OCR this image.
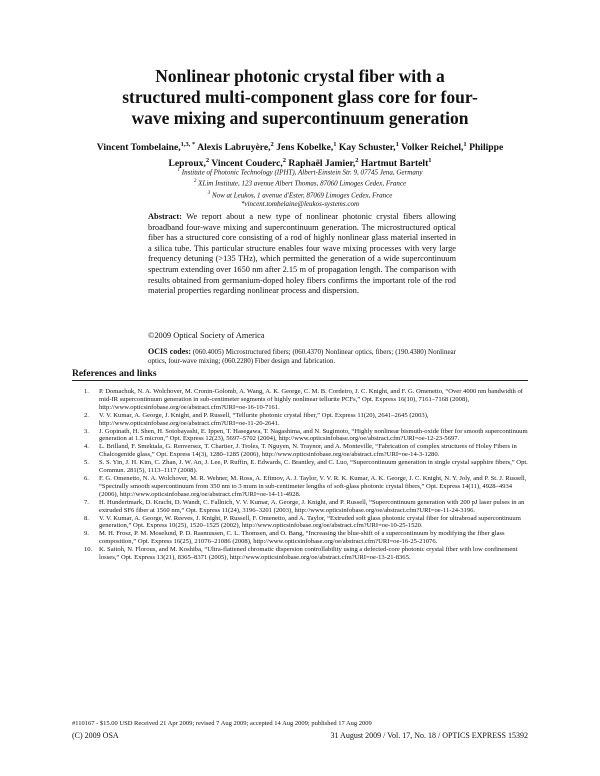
Nonlinear photonic crystal fiber with a
structured multi-component glass core for four-
wave mixing and supercontinuum generation
Vincent Tombelaine,$^{1,3, *}$ Alexis Labruyère,$^2$ Jens Kobelke,$^1$ Kay Schuster,$^1$ Volker Reichel,$^1$ Philippe Leproux,$^2$ Vincent Couderc,$^2$ Raphaël Jamier,$^2$ Hartmut Bartelt$^1$
$^1$ Institute of Photonic Technology (IPHT), Albert-Einstein Str. 9, 07745 Jena, Germany
$^2$ XLim Institute, 123 avenue Albert Thomas, 87060 Limoges Cedex, France
$^3$ Now at Leukos, 1 avenue d'Ester, 87069 Limoges Cedex, France
*vincent.tombelaine@leukos-systems.com
Abstract: We report about a new type of nonlinear photonic crystal fibers allowing broadband four-wave mixing and supercontinuum generation. The microstructured optical fiber has a structured core consisting of a rod of highly nonlinear glass material inserted in a silica tube. This particular structure enables four wave mixing processes with very large frequency detuning (>135 THz), which permitted the generation of a wide supercontinuum spectrum extending over 1650 nm after 2.15 m of propagation length. The comparison with results obtained from germanium-doped holey fibers confirms the important role of the rod material properties regarding nonlinear process and dispersion.
©2009 Optical Society of America
OCIS codes: (060.4005) Microstructured fibers; (060.4370) Nonlinear optics, fibers; (190.4380) Nonlinear optics, four-wave mixing; (060.2280) Fiber design and fabrication.
References and links
1. P. Domachuk, N. A. Wolchover, M. Cronin-Golomb, A. Wang, A. K. George, C. M. B. Cordeiro, J. C. Knight, and F. G. Omenetto, “Over 4000 nm bandwidth of mid-IR supercontinuum generation in sub-centimeter segments of highly nonlinear tellurite PCFs,” Opt. Express 16(10), 7161–7168 (2008), http://www.opticsinfobase.org/oe/abstract.cfm?URI=oe-16-10-7161.
2. V. V. Kumar, A. George, J. Knight, and P. Russell, “Tellurite photonic crystal fiber,” Opt. Express 11(20), 2641–2645 (2003), http://www.opticsinfobase.org/oe/abstract.cfm?URI=oe-11-20-2641.
3. J. Gopinath, H. Shen, H. Sotobayashi, E. Ippen, T. Hasegawa, T. Nagashima, and N. Sugimoto, “Highly nonlinear bismuth-oxide fiber for smooth supercontinuum generation at 1.5 micron,” Opt. Express 12(23), 5697–5702 (2004), http://www.opticsinfobase.org/oe/abstract.cfm?URI=oe-12-23-5697.
4. L. Brilland, F. Smektala, G. Renversez, T. Chartier, J. Troles, T. Nguyen, N. Traynor, and A. Monteville, “Fabrication of complex structures of Holey Fibers in Chalcogenide glass,” Opt. Express 14(3), 1280–1285 (2006), http://www.opticsinfobase.org/oe/abstract.cfm?URI=oe-14-3-1280.
5. S. S. Yin, J. H. Kim, C. Zhan, J. W. An, J. Lee, P. Ruffin, E. Edwards, C. Brantley, and C. Luo, “Supercontinuum generation in single crystal sapphire fibers,” Opt. Commun. 281(5), 1113–1117 (2008).
6. F. G. Omenetto, N. A. Wolchover, M. R. Wehner, M. Ross, A. Efimov, A. J. Taylor, V. V. R. K. Kumar, A. K. George, J. C. Knight, N. Y. Joly, and P. St. J. Russell, “Spectrally smooth supercontinuum from 350 nm to 3 mum in sub-centimeter lengths of soft-glass photonic crystal fibers,” Opt. Express 14(11), 4928–4934 (2006), http://www.opticsinfobase.org/oe/abstract.cfm?URI=oe-14-11-4928.
7. H. Hundertmark, D. Kracht, D. Wandt, C. Fallnich, V. V. Kumar, A. George, J. Knight, and P. Russell, “Supercontinuum generation with 200 pJ laser pulses in an extruded SF6 fiber at 1560 nm,” Opt. Express 11(24), 3196–3201 (2003), http://www.opticsinfobase.org/oe/abstract.cfm?URI=oe-11-24-3196.
8. V. V. Kumar, A. George, W. Reeves, J. Knight, P. Russell, F. Omenetto, and A. Taylor, “Extruded soft glass photonic crystal fiber for ultrabroad supercontinuum generation,” Opt. Express 10(25), 1520–1525 (2002), http://www.opticsinfobase.org/oe/abstract.cfm?URI=oe-10-25-1520.
9. M. H. Frosz, P. M. Moselund, P. D. Rasmussen, C. L. Thomsen, and O. Bang, “Increasing the blue-shift of a supercontinuum by modifying the fiber glass composition,” Opt. Express 16(25), 21076–21086 (2008), http://www.opticsinfobase.org/oe/abstract.cfm?URI=oe-16-25-21076.
10. K. Saitoh, N. Florous, and M. Koshiba, “Ultra-flattened chromatic dispersion controllability using a defected-core photonic crystal fiber with low confinement losses,” Opt. Express 13(21), 8365–8371 (2005), http://www.opticsinfobase.org/oe/abstract.cfm?URI=oe-13-21-8365.
#110167 - $15.00 USD Received 21 Apr 2009; revised 7 Aug 2009; accepted 14 Aug 2009; published 17 Aug 2009
(C) 2009 OSA	31 August 2009 / Vol. 17, No. 18 / OPTICS EXPRESS 15392
